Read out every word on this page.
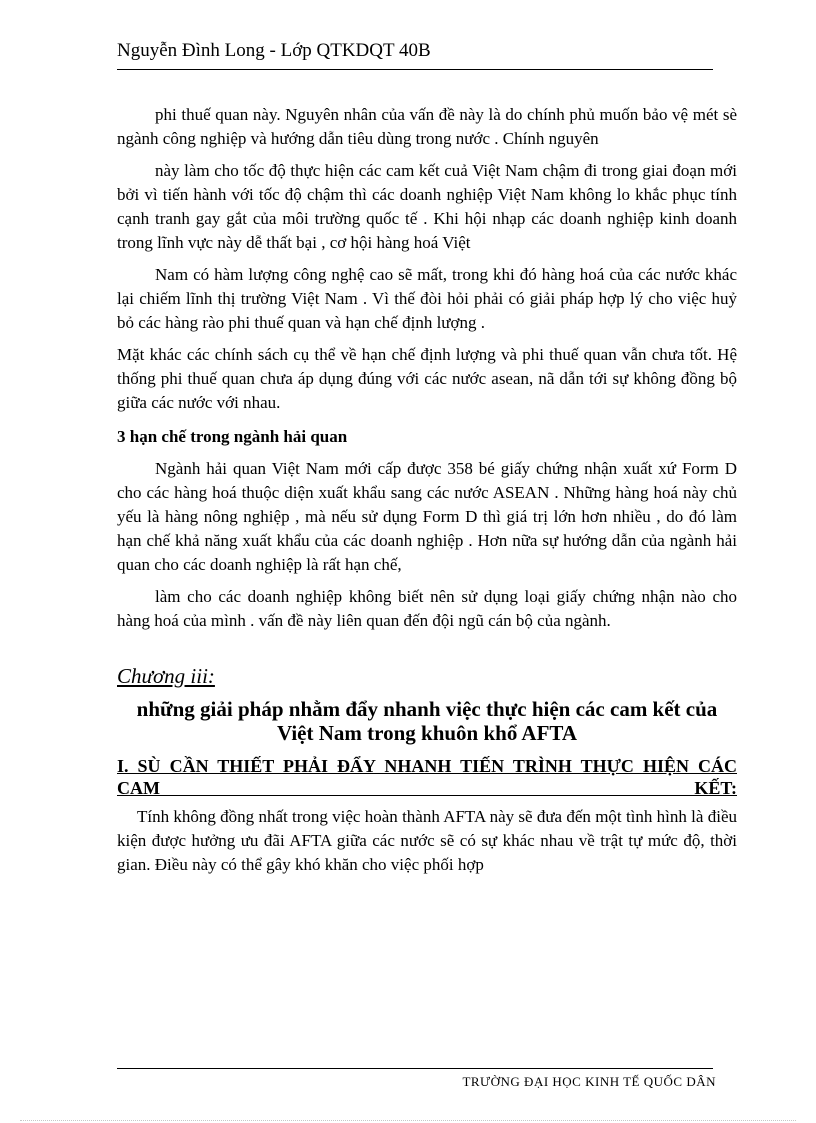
Nguyễn Đình Long - Lớp QTKDQT 40B

phi thuế quan này. Nguyên nhân của vấn đề này là do chính phủ muốn bảo vệ mét sè ngành công nghiệp và hướng dẫn tiêu dùng trong nước . Chính nguyên

này làm cho tốc độ thực hiện các cam kết cuả Việt Nam chậm đi trong giai đoạn mới bởi vì tiến hành với tốc độ chậm thì các doanh nghiệp Việt Nam không lo khắc phục tính cạnh tranh gay gắt của môi trường quốc tế . Khi hội nhạp các doanh nghiệp kinh doanh trong lĩnh vực này dễ thất bại , cơ hội hàng hoá Việt

Nam có hàm lượng công nghệ cao sẽ mất, trong khi đó hàng hoá của các nước khác lại chiếm lĩnh thị trường Việt Nam . Vì thế đòi hỏi phải có giải pháp hợp lý cho việc huỷ bỏ các hàng rào phi thuế quan và hạn chế định lượng .

Mặt khác các chính sách cụ thể về hạn chế định lượng và phi thuế quan vẫn chưa tốt. Hệ thống phi thuế quan chưa áp dụng đúng với các nước asean, nã dẫn tới sự không đồng bộ giữa các nước với nhau.

3 hạn chế trong ngành hải quan

Ngành hải quan Việt Nam mới cấp được 358 bé giấy chứng nhận xuất xứ Form D cho các hàng hoá thuộc diện xuất khẩu sang các nước ASEAN . Những hàng hoá này chủ yếu là hàng nông nghiệp , mà nếu sử dụng Form D thì giá trị lớn hơn nhiều , do đó làm hạn chế khả năng xuất khẩu của các doanh nghiệp . Hơn nữa sự hướng dẫn của ngành hải quan cho các doanh nghiệp là rất hạn chế,

làm cho các doanh nghiệp không biết nên sử dụng loại giấy chứng nhận nào cho hàng hoá của mình . vấn đề này liên quan đến đội ngũ cán bộ của ngành.

Chương iii:
những giải pháp nhằm đẩy nhanh việc thực hiện các cam kết của Việt Nam trong khuôn khổ AFTA
I. SÙ CẦN THIẾT PHẢI ĐẨY NHANH TIẾN TRÌNH THỰC HIỆN CÁC
CAM KẾT:

Tính không đồng nhất trong việc hoàn thành AFTA này sẽ đưa đến một tình hình là điều kiện được hưởng ưu đãi AFTA giữa các nước sẽ có sự khác nhau về trật tự mức độ, thời gian. Điều này có thể gây khó khăn cho việc phối hợp

TRƯỜNG ĐẠI HỌC KINH TẾ QUỐC DÂN
